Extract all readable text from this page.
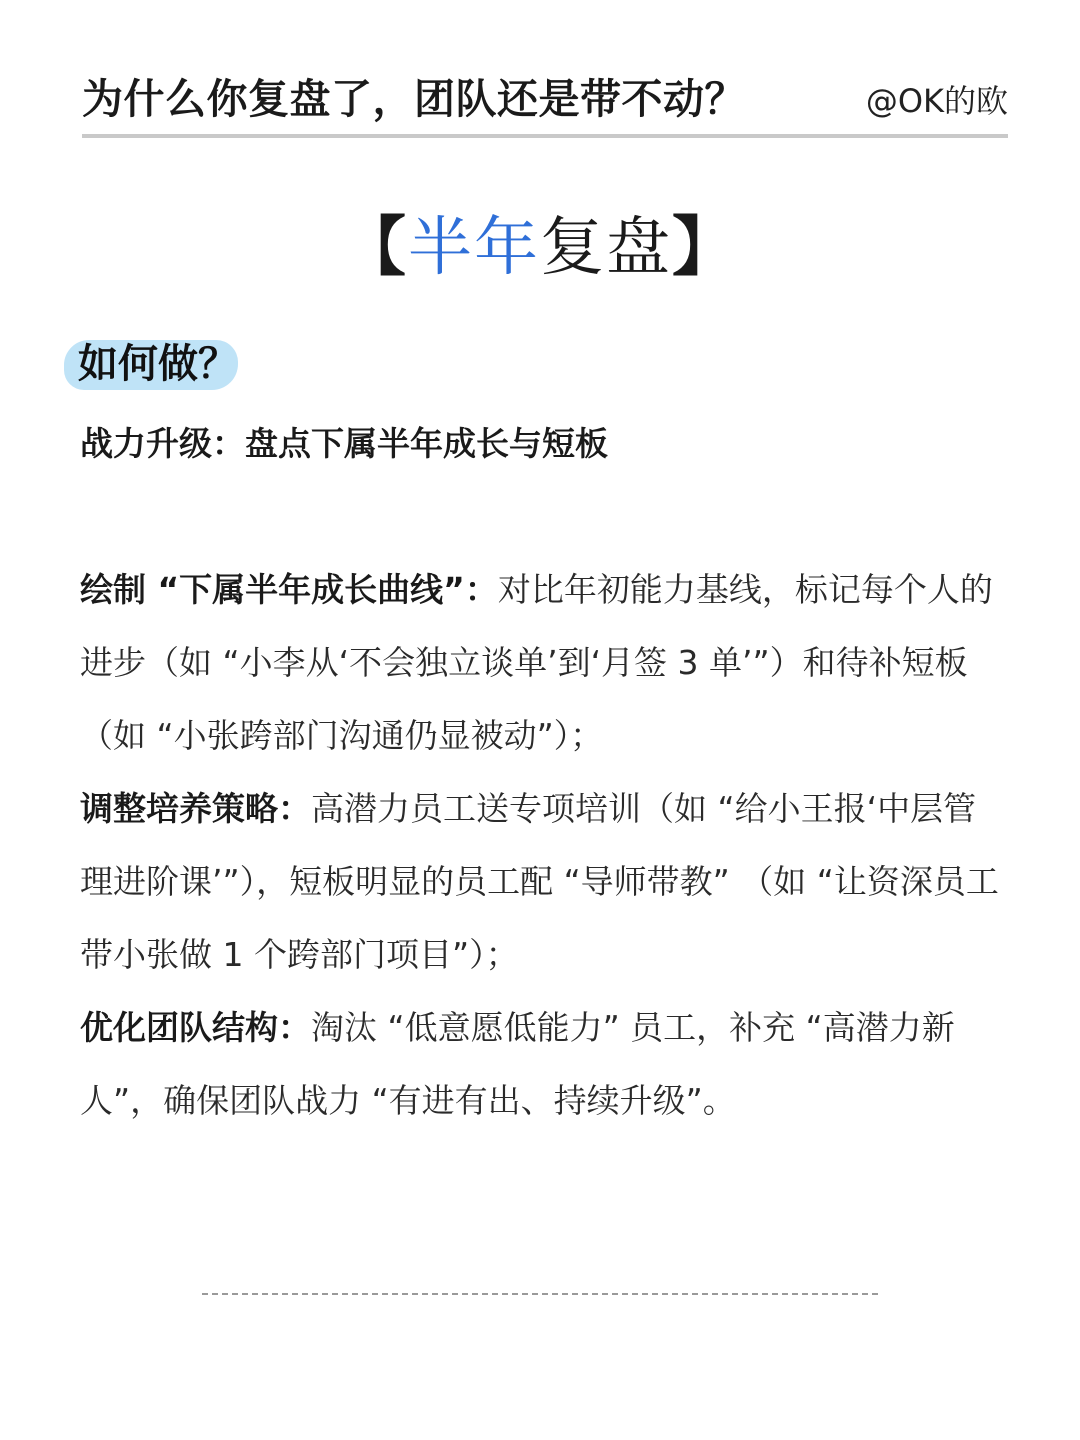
为什么你复盘了，团队还是带不动？	@OK的欧
【半年复盘】
如何做？
战力升级：盘点下属半年成长与短板

绘制 “下属半年成长曲线”：对比年初能力基线，标记每个人的进步（如 “小李从‘不会独立谈单’到‘月签 3 单’”）和待补短板（如 “小张跨部门沟通仍显被动”）；

调整培养策略：高潜力员工送专项培训（如 “给小王报‘中层管理进阶课’”），短板明显的员工配 “导师带教” （如 “让资深员工带小张做 1 个跨部门项目”）；

优化团队结构：淘汰 “低意愿低能力” 员工，补充 “高潜力新人”，确保团队战力 “有进有出、持续升级”。
